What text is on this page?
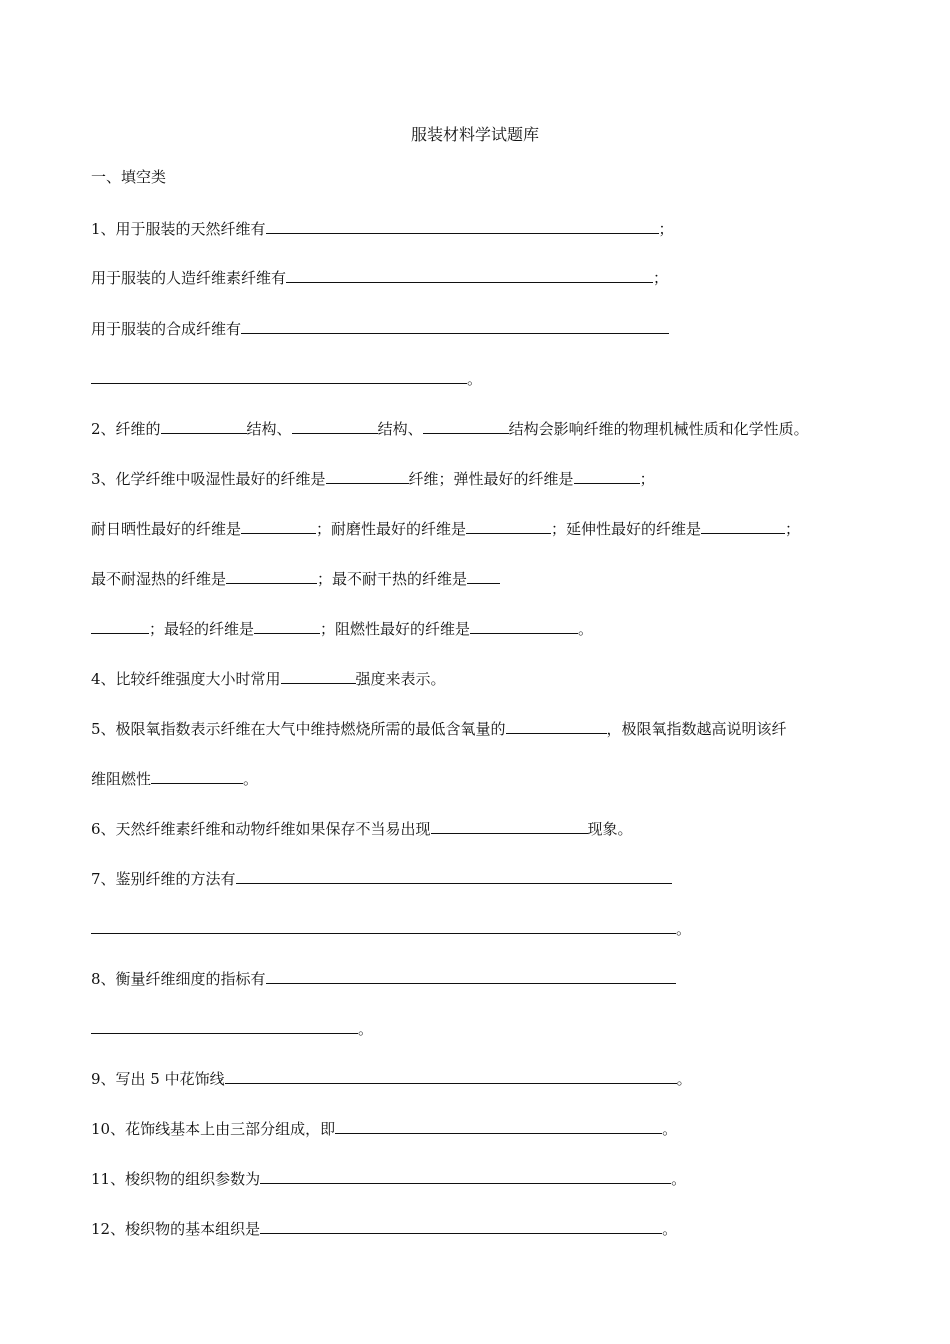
服装材料学试题库
一、填空类
1、用于服装的天然纤维有	；
用于服装的人造纤维素纤维有	；
用于服装的合成纤维有
。
2、纤维的	结构、	结构、	结构会影响纤维的物理机械性质和化学性质。
3、化学纤维中吸湿性最好的纤维是	纤维；弹性最好的纤维是	；
耐日晒性最好的纤维是	；耐磨性最好的纤维是	；延伸性最好的纤维是	；
最不耐湿热的纤维是	；最不耐干热的纤维是
；最轻的纤维是	；阻燃性最好的纤维是	。
4、比较纤维强度大小时常用	强度来表示。
5、极限氧指数表示纤维在大气中维持燃烧所需的最低含氧量的	，极限氧指数越高说明该纤
维阻燃性	。
6、天然纤维素纤维和动物纤维如果保存不当易出现	现象。
7、鉴别纤维的方法有
。
8、衡量纤维细度的指标有
。
9、写出 5 中花饰线	。
10、花饰线基本上由三部分组成，即	。
11、梭织物的组织参数为	。
12、梭织物的基本组织是	。
